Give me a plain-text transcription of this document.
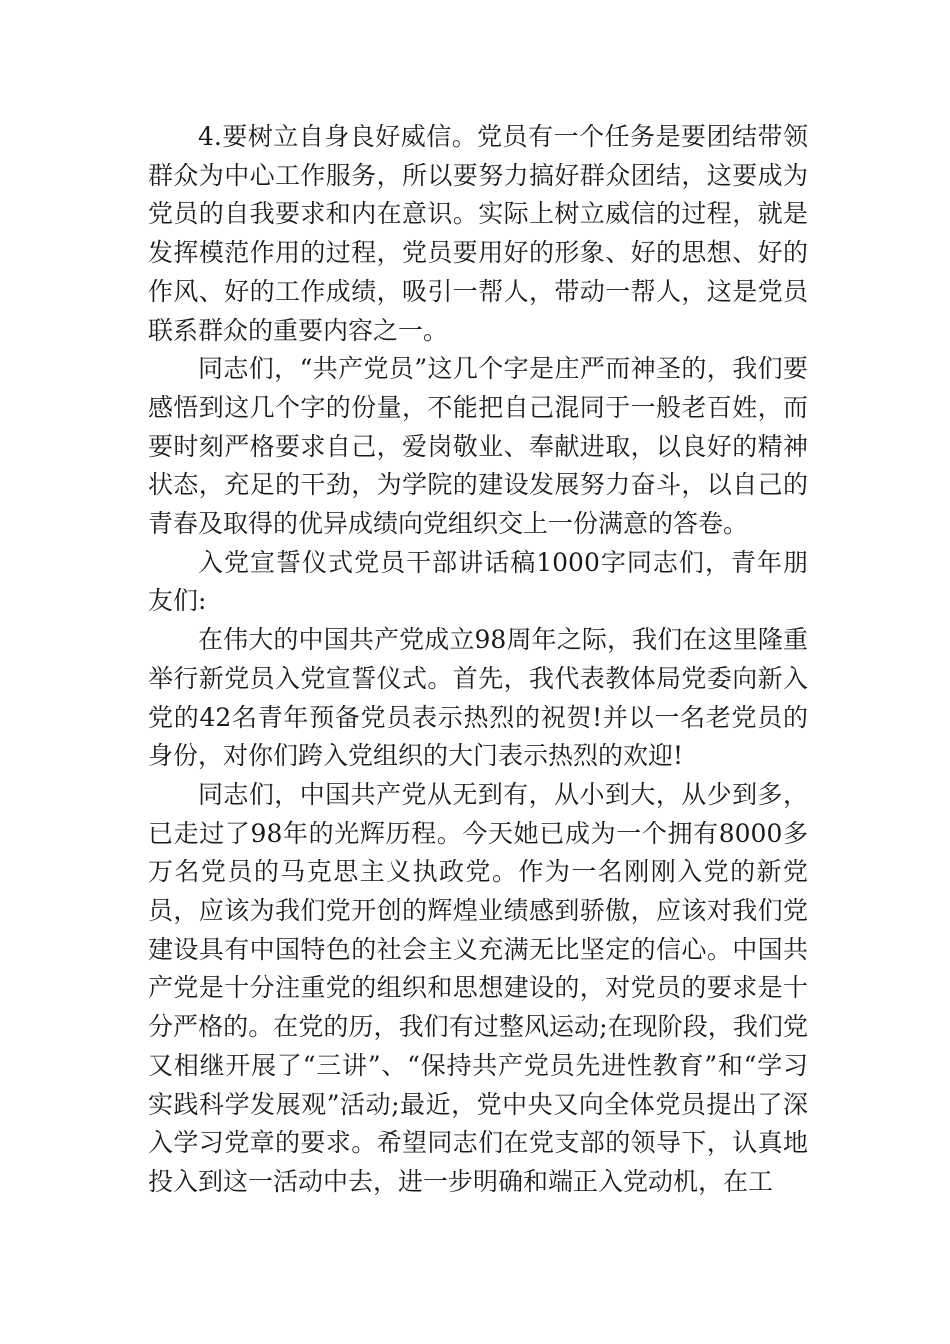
4.要树立自身良好威信。党员有一个任务是要团结带领群众为中心工作服务，所以要努力搞好群众团结，这要成为党员的自我要求和内在意识。实际上树立威信的过程，就是发挥模范作用的过程，党员要用好的形象、好的思想、好的作风、好的工作成绩，吸引一帮人，带动一帮人，这是党员联系群众的重要内容之一。

同志们，“共产党员”这几个字是庄严而神圣的，我们要感悟到这几个字的份量，不能把自己混同于一般老百姓，而要时刻严格要求自己，爱岗敬业、奉献进取，以良好的精神状态，充足的干劲，为学院的建设发展努力奋斗，以自己的青春及取得的优异成绩向党组织交上一份满意的答卷。

入党宣誓仪式党员干部讲话稿1000字同志们，青年朋友们:

在伟大的中国共产党成立98周年之际，我们在这里隆重举行新党员入党宣誓仪式。首先，我代表教体局党委向新入党的42名青年预备党员表示热烈的祝贺!并以一名老党员的身份，对你们跨入党组织的大门表示热烈的欢迎!

同志们，中国共产党从无到有，从小到大，从少到多，已走过了98年的光辉历程。今天她已成为一个拥有8000多万名党员的马克思主义执政党。作为一名刚刚入党的新党员，应该为我们党开创的辉煌业绩感到骄傲，应该对我们党建设具有中国特色的社会主义充满无比坚定的信心。中国共产党是十分注重党的组织和思想建设的，对党员的要求是十分严格的。在党的历，我们有过整风运动;在现阶段，我们党又相继开展了“三讲”、“保持共产党员先进性教育”和“学习实践科学发展观”活动;最近，党中央又向全体党员提出了深入学习党章的要求。希望同志们在党支部的领导下，认真地投入到这一活动中去，进一步明确和端正入党动机，在工
